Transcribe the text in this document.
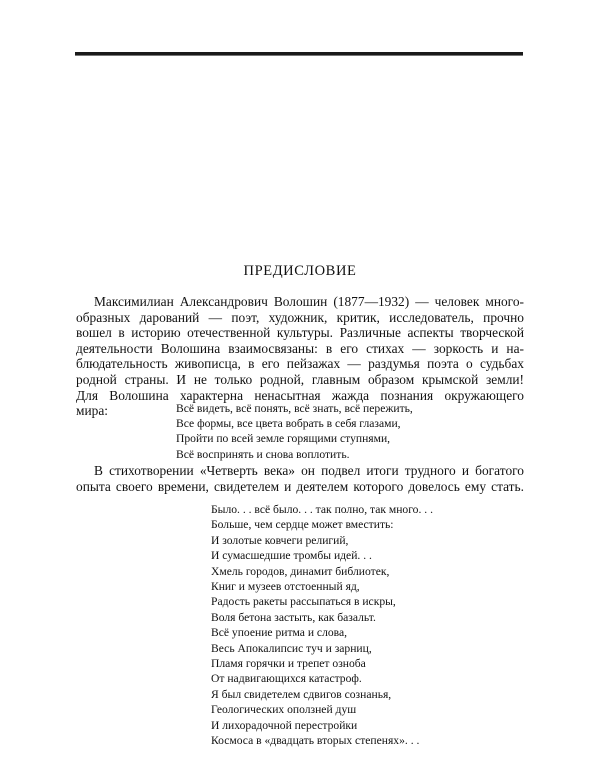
ПРЕДИСЛОВИЕ
Максимилиан Александрович Волошин (1877—1932) — человек много-
образных дарований — поэт, художник, критик, исследователь, прочно
вошел в историю отечественной культуры. Различные аспекты творческой
деятельности Волошина взаимосвязаны: в его стихах — зоркость и на-
блюдательность живописца, в его пейзажах — раздумья поэта о судьбах
родной страны. И не только родной, главным образом крымской земли!
Для Волошина характерна ненасытная жажда познания окружающего
мира:	Всё видеть, всё понять, всё знать, всё пережить,
Все формы, все цвета вобрать в себя глазами,
Пройти по всей земле горящими ступнями,
Всё воспринять и снова воплотить.
В стихотворении «Четверть века» он подвел итоги трудного и богатого
опыта своего времени, свидетелем и деятелем которого довелось ему стать.
Было. . . всё было. . . так полно, так много. . .
Больше, чем сердце может вместить:
И золотые ковчеги религий,
И сумасшедшие тромбы идей. . .
Хмель городов, динамит библиотек,
Книг и музеев отстоенный яд,
Радость ракеты рассыпаться в искры,
Воля бетона застыть, как базальт.
Всё упоение ритма и слова,
Весь Апокалипсис туч и зарниц,
Пламя горячки и трепет озноба
От надвигающихся катастроф.
Я был свидетелем сдвигов сознанья,
Геологических оползней душ
И лихорадочной перестройки
Космоса в «двадцать вторых степенях». . .
